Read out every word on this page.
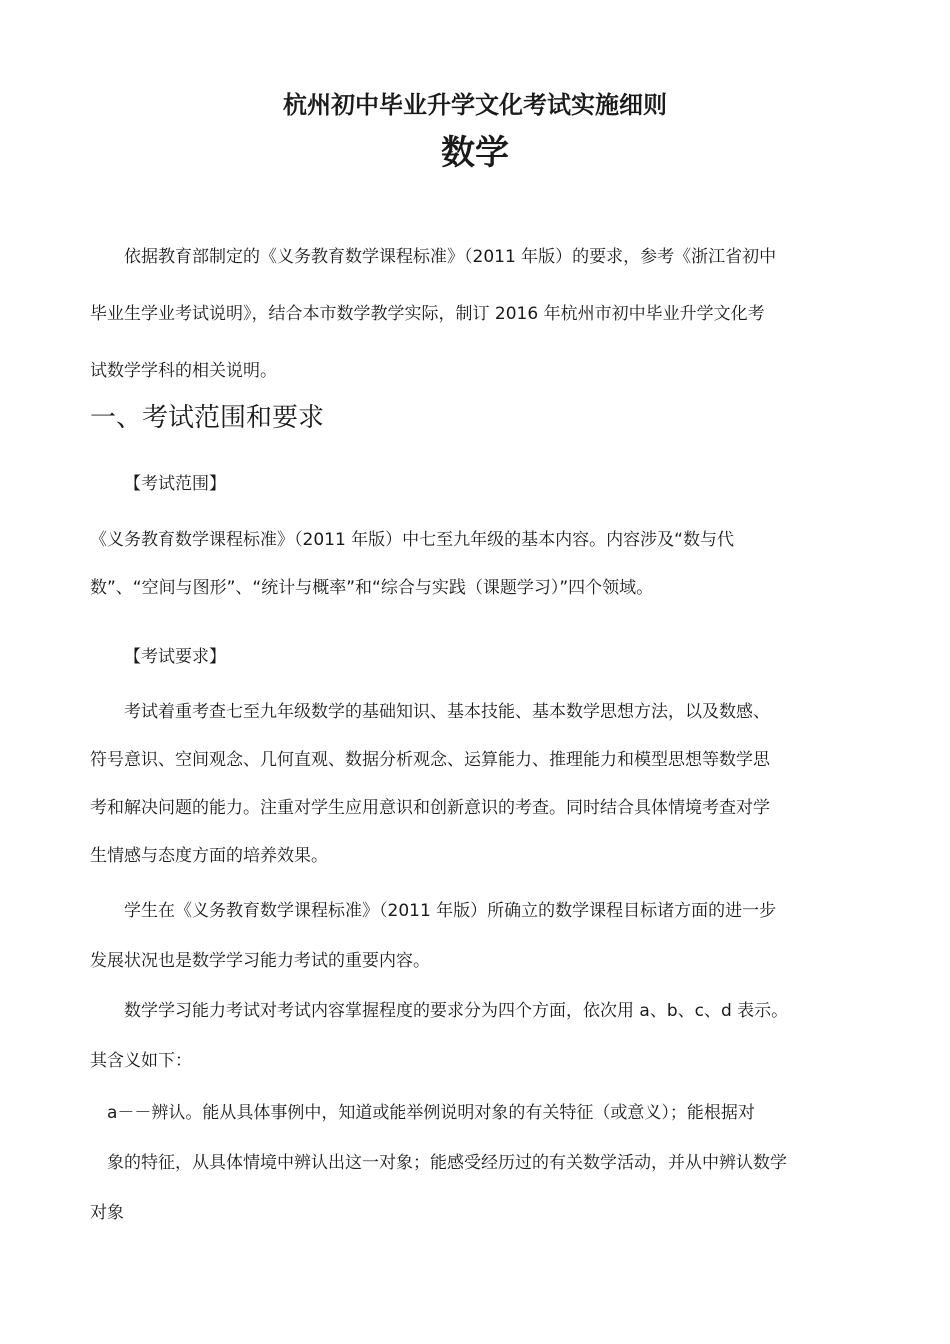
杭州初中毕业升学文化考试实施细则
数学
　　依据教育部制定的《义务教育数学课程标准》（2011 年版）的要求，参考《浙江省初中
毕业生学业考试说明》，结合本市数学教学实际，制订 2016 年杭州市初中毕业升学文化考
试数学学科的相关说明。
一、考试范围和要求
【考试范围】
《义务教育数学课程标准》（2011 年版）中七至九年级的基本内容。内容涉及“数与代
数”、“空间与图形”、“统计与概率”和“综合与实践（课题学习）”四个领域。
【考试要求】
　　考试着重考查七至九年级数学的基础知识、基本技能、基本数学思想方法，以及数感、
符号意识、空间观念、几何直观、数据分析观念、运算能力、推理能力和模型思想等数学思
考和解决问题的能力。注重对学生应用意识和创新意识的考查。同时结合具体情境考查对学
生情感与态度方面的培养效果。
　　学生在《义务教育数学课程标准》（2011 年版）所确立的数学课程目标诸方面的进一步
发展状况也是数学学习能力考试的重要内容。
　　数学学习能力考试对考试内容掌握程度的要求分为四个方面，依次用 a、b、c、d 表示。
其含义如下：
　a－－辨认。能从具体事例中，知道或能举例说明对象的有关特征（或意义）；能根据对
　象的特征，从具体情境中辨认出这一对象；能感受经历过的有关数学活动，并从中辨认数学
对象
